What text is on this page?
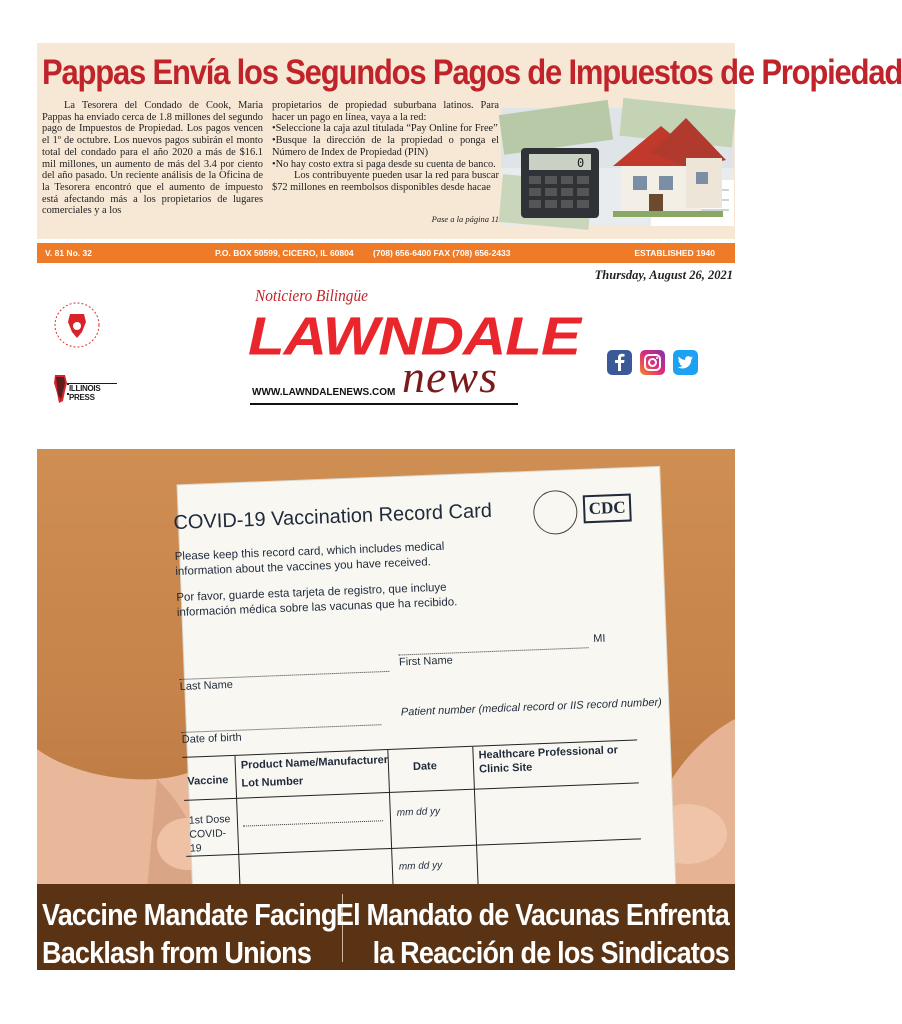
Pappas Envía los Segundos Pagos de Impuestos de Propiedad

La Tesorera del Condado de Cook, Maria Pappas ha enviado cerca de 1.8 millones del segundo pago de Impuestos de Propiedad. Los pagos vencen el 1º de octubre. Los nuevos pagos subirán el monto total del condado para el año 2020 a más de $16.1 mil millones, un aumento de más del 3.4 por ciento del año pasado. Un reciente análisis de la Oficina de la Tesorera encontró que el aumento de impuesto está afectando más a los propietarios de lugares comerciales y a los

propietarios de propiedad suburbana latinos. Para hacer un pago en línea, vaya a la red:

•Seleccione la caja azul titulada “Pay Online for Free”

•Busque la dirección de la propiedad o ponga el Número de Index de Propiedad (PIN)

•No hay costo extra si paga desde su cuenta de banco.

Los contribuyente pueden usar la red para buscar $72 millones en reembolsos disponibles desde hacae

Pase a la página 11
0
V. 81 No. 32	P.O. BOX 50599, CICERO, IL 60804 (708) 656-6400 FAX (708) 656-2433	ESTABLISHED 1940
Thursday, August 26, 2021
ILLINOIS PRESS
Noticiero Bilingüe
LAWNDALE
news
WWW.LAWNDALENEWS.COM

COVID-19 Vaccination Record Card
Please keep this record card, which includes medical information about the vaccines you have received.
Por favor, guarde esta tarjeta de registro, que incluye información médica sobre las vacunas que ha recibido.
CDC
Last Name
First Name
MI
Date of birth
Patient number (medical record or IIS record number)
Vaccine
Product Name/Manufacturer
Lot Number
Date
Healthcare Professional or Clinic Site
1st Dose COVID-19
mm dd yy
mm dd yy
Vaccine Mandate Facing
Backlash from Unions
El Mandato de Vacunas Enfrenta
la Reacción de los Sindicatos
